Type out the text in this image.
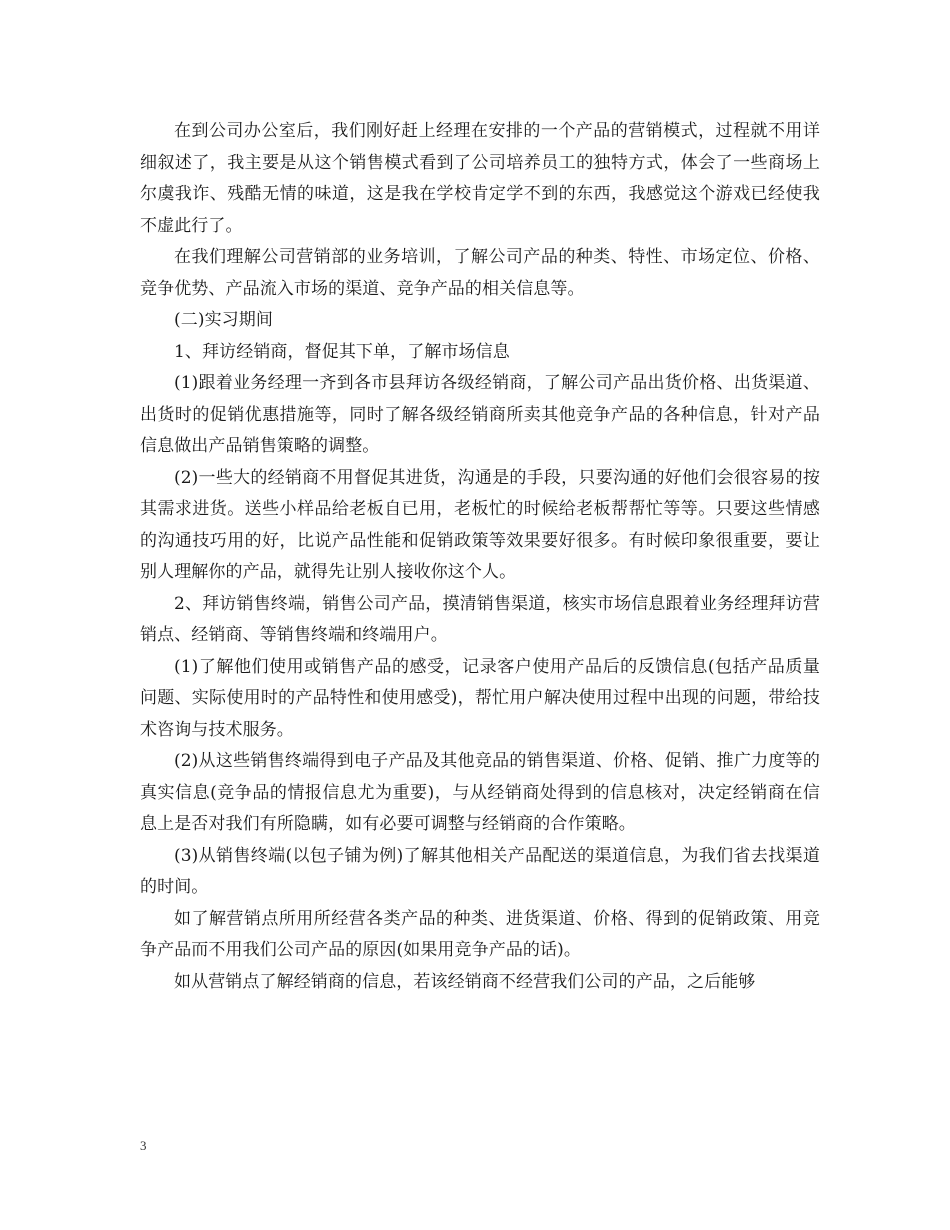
在到公司办公室后，我们刚好赶上经理在安排的一个产品的营销模式，过程就不用详细叙述了，我主要是从这个销售模式看到了公司培养员工的独特方式，体会了一些商场上尔虞我诈、残酷无情的味道，这是我在学校肯定学不到的东西，我感觉这个游戏已经使我不虚此行了。

在我们理解公司营销部的业务培训，了解公司产品的种类、特性、市场定位、价格、竞争优势、产品流入市场的渠道、竞争产品的相关信息等。

(二)实习期间

1、拜访经销商，督促其下单，了解市场信息

(1)跟着业务经理一齐到各市县拜访各级经销商，了解公司产品出货价格、出货渠道、出货时的促销优惠措施等，同时了解各级经销商所卖其他竞争产品的各种信息，针对产品信息做出产品销售策略的调整。

(2)一些大的经销商不用督促其进货，沟通是的手段，只要沟通的好他们会很容易的按其需求进货。送些小样品给老板自已用，老板忙的时候给老板帮帮忙等等。只要这些情感的沟通技巧用的好，比说产品性能和促销政策等效果要好很多。有时候印象很重要，要让别人理解你的产品，就得先让别人接收你这个人。

2、拜访销售终端，销售公司产品，摸清销售渠道，核实市场信息跟着业务经理拜访营销点、经销商、等销售终端和终端用户。

(1)了解他们使用或销售产品的感受，记录客户使用产品后的反馈信息(包括产品质量问题、实际使用时的产品特性和使用感受)，帮忙用户解决使用过程中出现的问题，带给技术咨询与技术服务。

(2)从这些销售终端得到电子产品及其他竞品的销售渠道、价格、促销、推广力度等的真实信息(竞争品的情报信息尤为重要)，与从经销商处得到的信息核对，决定经销商在信息上是否对我们有所隐瞒，如有必要可调整与经销商的合作策略。

(3)从销售终端(以包子铺为例)了解其他相关产品配送的渠道信息，为我们省去找渠道的时间。

如了解营销点所用所经营各类产品的种类、进货渠道、价格、得到的促销政策、用竞争产品而不用我们公司产品的原因(如果用竞争产品的话)。

如从营销点了解经销商的信息，若该经销商不经营我们公司的产品，之后能够

3
